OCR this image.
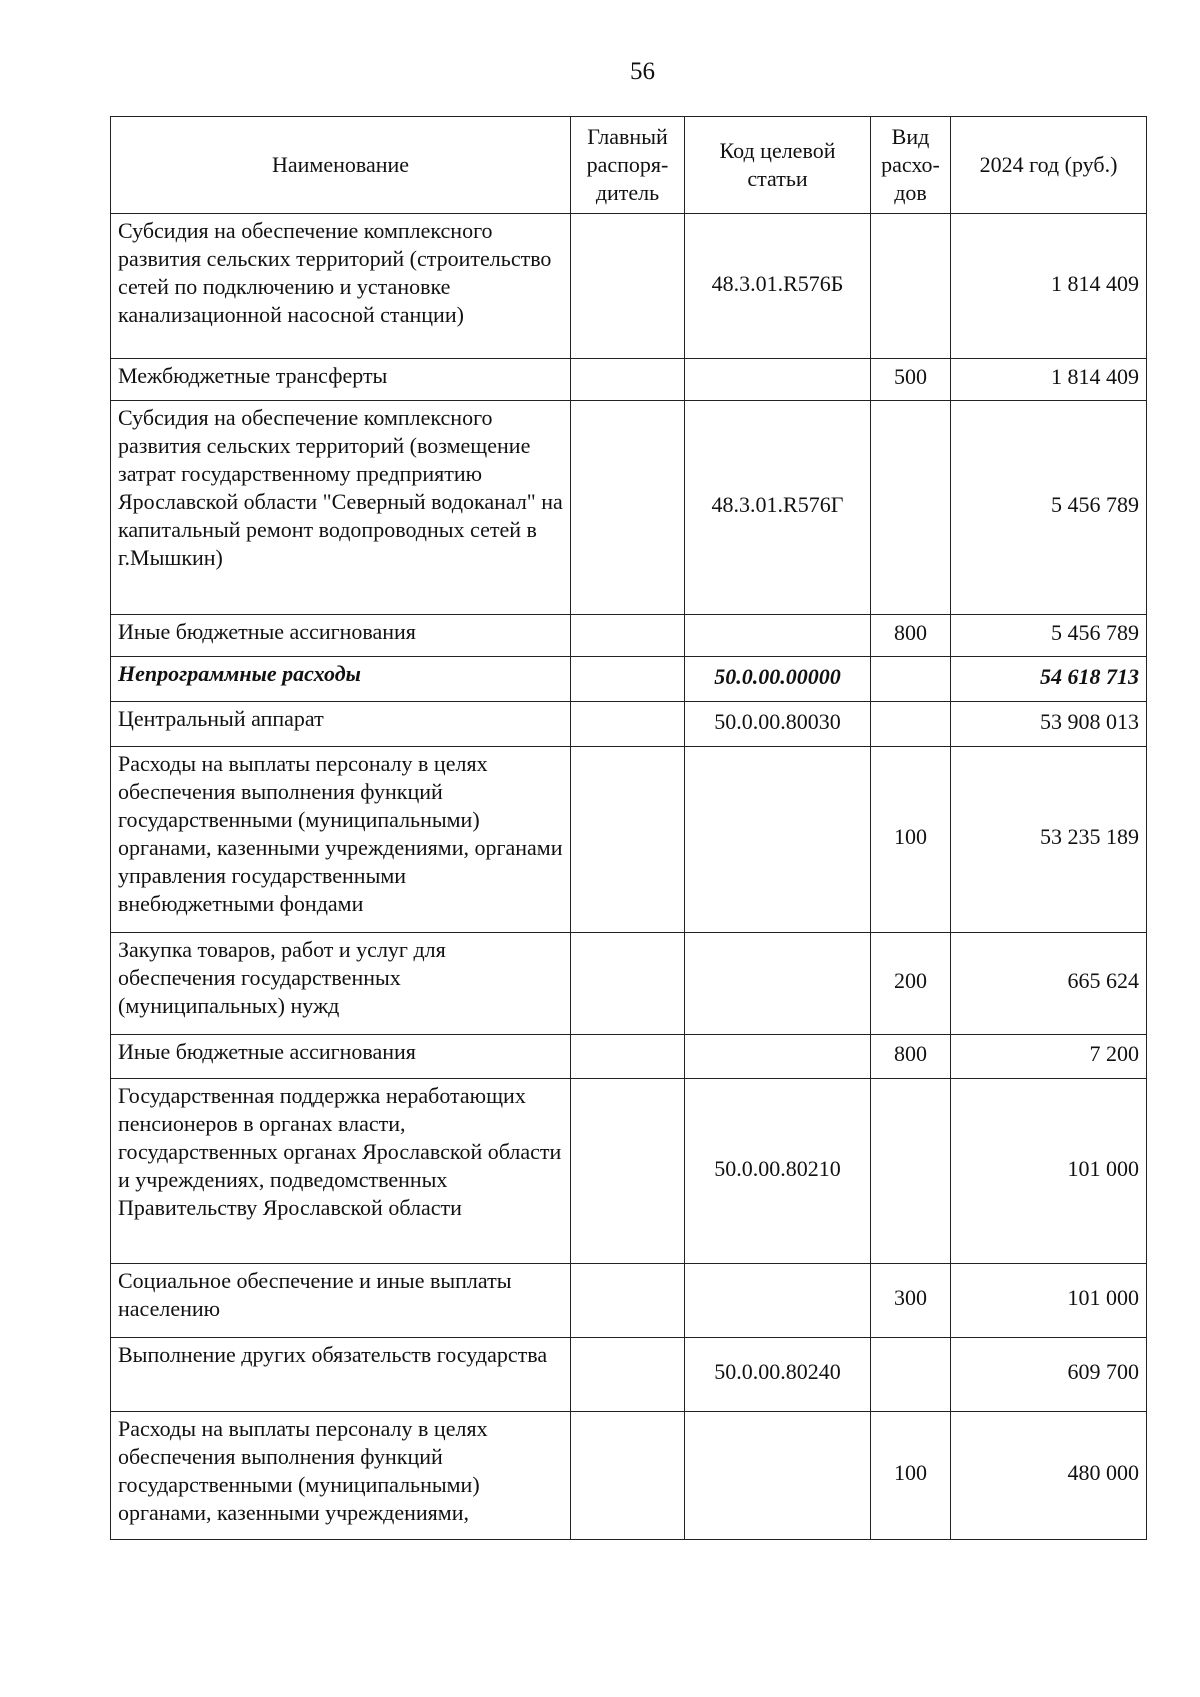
56
Наименование	Главный распоря-дитель	Код целевой статьи	Вид расхо-дов	2024 год (руб.)
Субсидия на обеспечение комплексного развития сельских территорий (строительство сетей по подключению и установке канализационной насосной станции)		48.3.01.R576Б		1 814 409
Межбюджетные трансферты			500	1 814 409
Субсидия на обеспечение комплексного развития сельских территорий (возмещение затрат государственному предприятию Ярославской области "Северный водоканал" на капитальный ремонт водопроводных сетей в г.Мышкин)		48.3.01.R576Г		5 456 789
Иные бюджетные ассигнования			800	5 456 789
Непрограммные расходы		50.0.00.00000		54 618 713
Центральный аппарат		50.0.00.80030		53 908 013
Расходы на выплаты персоналу в целях обеспечения выполнения функций государственными (муниципальными) органами, казенными учреждениями, органами управления государственными внебюджетными фондами			100	53 235 189
Закупка товаров, работ и услуг для обеспечения государственных (муниципальных) нужд			200	665 624
Иные бюджетные ассигнования			800	7 200
Государственная поддержка неработающих пенсионеров в органах власти, государственных органах Ярославской области и учреждениях, подведомственных Правительству Ярославской области		50.0.00.80210		101 000
Социальное обеспечение и иные выплаты населению			300	101 000
Выполнение других обязательств государства		50.0.00.80240		609 700
Расходы на выплаты персоналу в целях обеспечения выполнения функций государственными (муниципальными) органами, казенными учреждениями,			100	480 000
